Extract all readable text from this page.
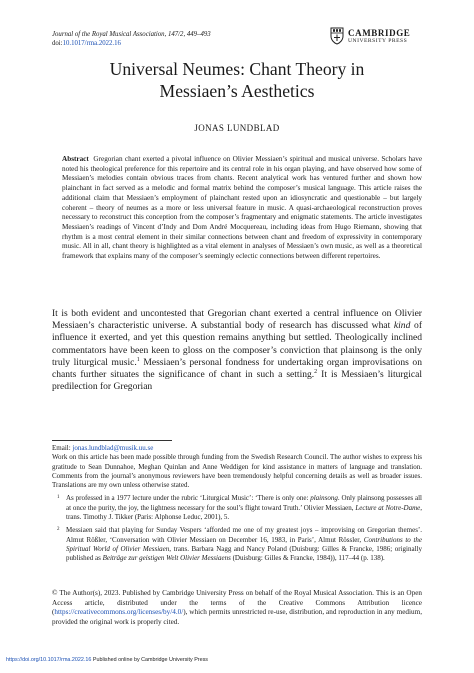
Journal of the Royal Musical Association, 147/2, 449–493
doi:10.1017/rma.2022.16
CAMBRIDGE
UNIVERSITY PRESS
Universal Neumes: Chant Theory in
Messiaen’s Aesthetics
JONAS LUNDBLAD
Abstract Gregorian chant exerted a pivotal influence on Olivier Messiaen’s spiritual and musical universe. Scholars have noted his theological preference for this repertoire and its central role in his organ playing, and have observed how some of Messiaen’s melodies contain obvious traces from chants. Recent analytical work has ventured further and shown how plainchant in fact served as a melodic and formal matrix behind the composer’s musical language. This article raises the additional claim that Messiaen’s employment of plainchant rested upon an idiosyncratic and questionable – but largely coherent – theory of neumes as a more or less universal feature in music. A quasi-archaeological reconstruction proves necessary to reconstruct this conception from the composer’s fragmentary and enigmatic statements. The article investigates Messiaen’s readings of Vincent d’Indy and Dom André Mocquereau, including ideas from Hugo Riemann, showing that rhythm is a most central element in their similar connections between chant and freedom of expressivity in contemporary music. All in all, chant theory is highlighted as a vital element in analyses of Messiaen’s own music, as well as a theoretical framework that explains many of the composer’s seemingly eclectic connections between different repertoires.
It is both evident and uncontested that Gregorian chant exerted a central influence on Olivier Messiaen’s characteristic universe. A substantial body of research has discussed what kind of influence it exerted, and yet this question remains anything but settled. Theologically inclined commentators have been keen to gloss on the composer’s conviction that plainsong is the only truly liturgical music.$^1$ Messiaen’s personal fondness for undertaking organ improvisations on chants further situates the significance of chant in such a setting.$^2$ It is Messiaen’s liturgical predilection for Gregorian
Email: jonas.lundblad@musik.uu.se

Work on this article has been made possible through funding from the Swedish Research Council. The author wishes to express his gratitude to Sean Dunnahoe, Meghan Quinlan and Anne Weddigen for kind assistance in matters of language and translation. Comments from the journal’s anonymous reviewers have been tremendously helpful concerning details as well as broader issues. Translations are my own unless otherwise stated.

1 As professed in a 1977 lecture under the rubric ‘Liturgical Music’: ‘There is only one: plainsong. Only plainsong possesses all at once the purity, the joy, the lightness necessary for the soul’s flight toward Truth.’ Olivier Messiaen, Lecture at Notre-Dame, trans. Timothy J. Tikker (Paris: Alphonse Leduc, 2001), 5.
2 Messiaen said that playing for Sunday Vespers ‘afforded me one of my greatest joys – improvising on Gregorian themes’. Almut Rößler, ‘Conversation with Olivier Messiaen on December 16, 1983, in Paris’, Almut Rössler, Contributions to the Spiritual World of Olivier Messiaen, trans. Barbara Nagg and Nancy Poland (Duisburg: Gilles & Francke, 1986; originally published as Beiträge zur geistigen Welt Olivier Messiaens (Duisburg: Gilles & Francke, 1984)), 117–44 (p. 138).
© The Author(s), 2023. Published by Cambridge University Press on behalf of the Royal Musical Association. This is an Open Access article, distributed under the terms of the Creative Commons Attribution licence (https://creativecommons.org/licenses/by/4.0/), which permits unrestricted re-use, distribution, and reproduction in any medium, provided the original work is properly cited.
https://doi.org/10.1017/rma.2022.16 Published online by Cambridge University Press
